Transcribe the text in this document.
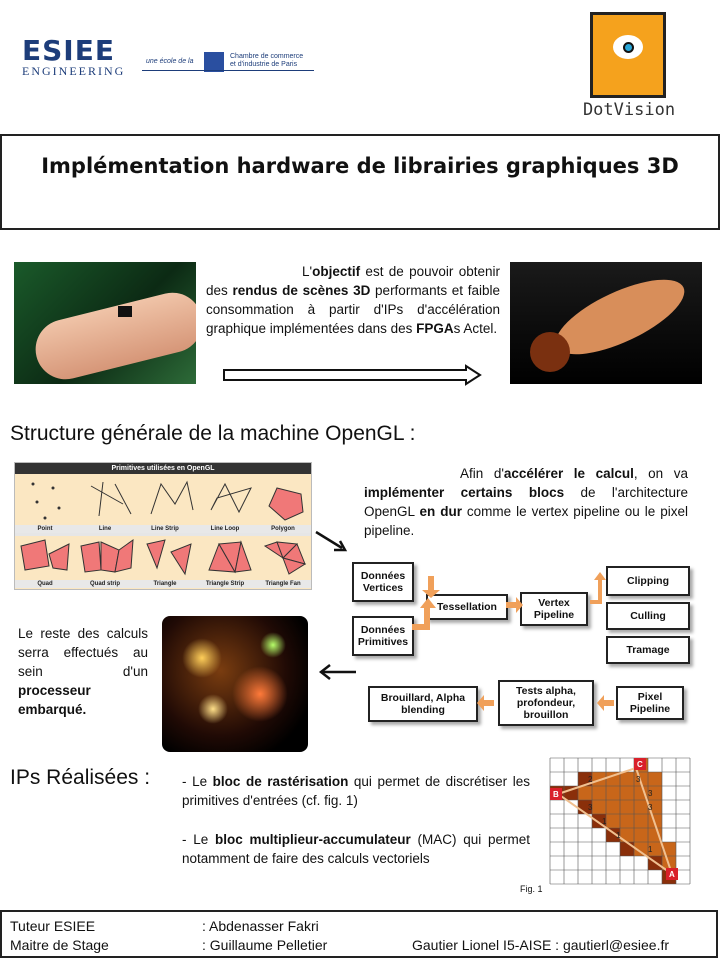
ESIEE
ENGINEERING
une école de la
Chambre de commerce
et d'industrie de Paris
DotVision
Implémentation hardware de librairies graphiques 3D
L'objectif est de pouvoir obtenir des rendus de scènes 3D performants et faible consommation à partir d'IPs d'accélération graphique implémentées dans des FPGAs Actel.
Structure générale de la machine OpenGL :
Primitives utilisées en OpenGL
Point	Line	Line Strip	Line Loop	Polygon
Quad	Quad strip	Triangle	Triangle Strip	Triangle Fan
Afin d'accélérer le calcul, on va implémenter certains blocs de l'architecture OpenGL en dur comme le vertex pipeline ou le pixel pipeline.
Données Vertices
Données Primitives
Tessellation	Vertex Pipeline
Clipping
Culling
Tramage
Pixel Pipeline
Tests alpha, profondeur, brouillon
Brouillard, Alpha blending
Le reste des calculs serra effectués au sein d'un processeur embarqué.
IPs Réalisées : - Le bloc de rastérisation qui permet de discrétiser les primitives d'entrées (cf. fig. 1)
- Le bloc multiplieur-accumulateur (MAC) qui permet notamment de faire des calculs vectoriels
2	3
3
3	3
1
1
1
C
B
A
Fig. 1
Tuteur ESIEE	: Abdenasser Fakri
Maitre de Stage	: Guillaume Pelletier	Gautier Lionel I5-AISE : gautierl@esiee.fr
